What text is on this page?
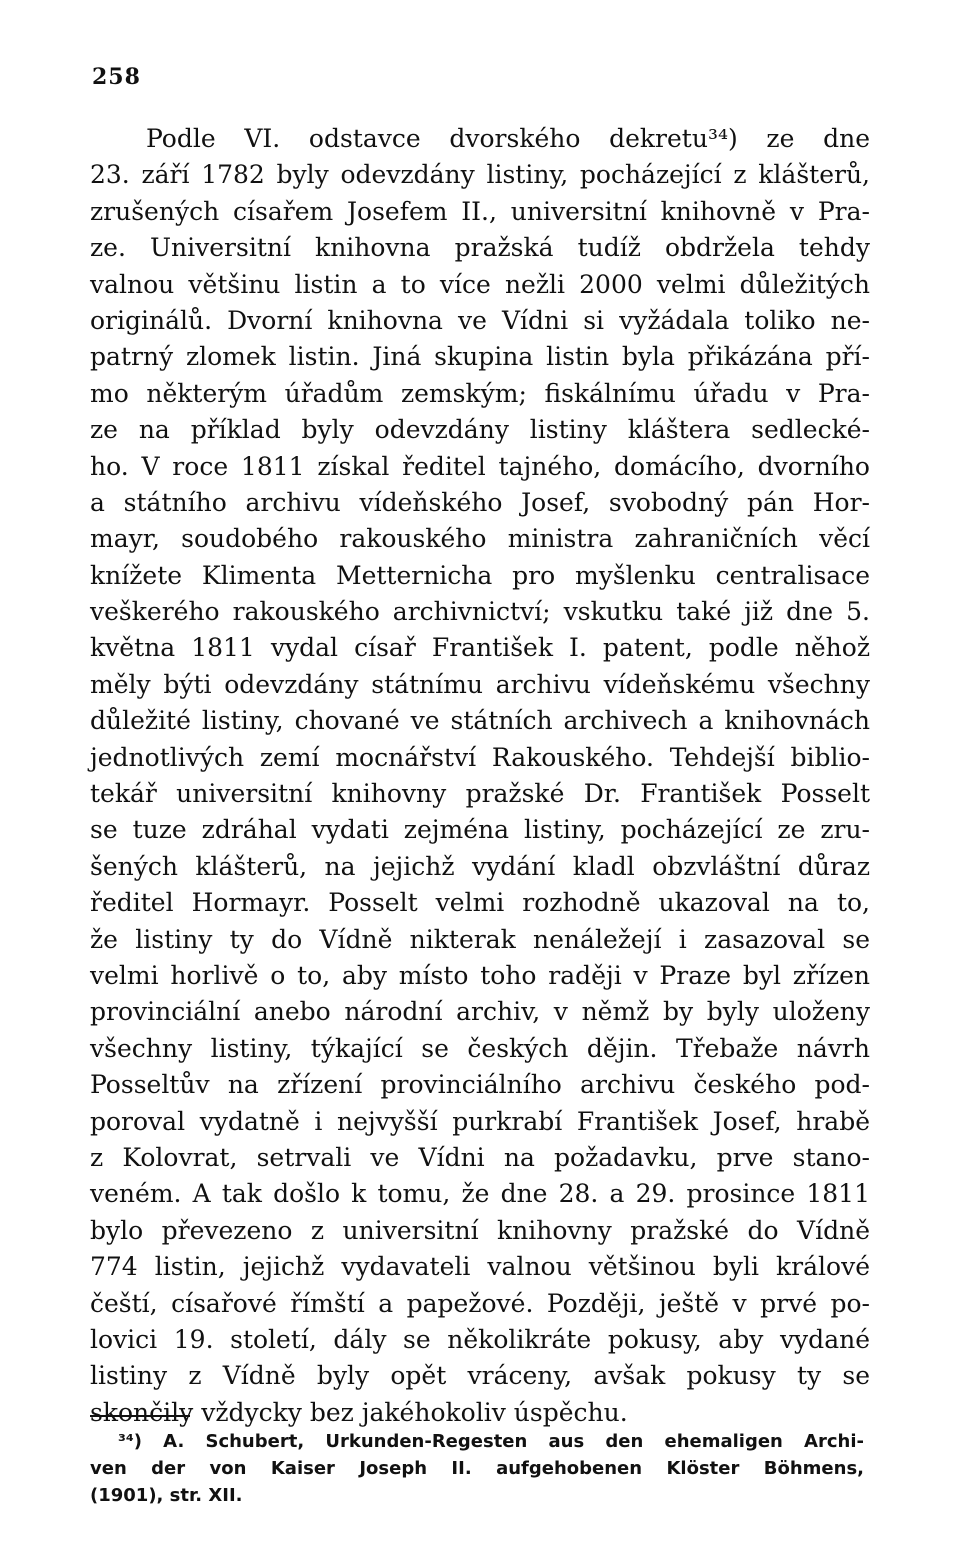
258
Podle VI. odstavce dvorského dekretu³⁴) ze dne
23. září 1782 byly odevzdány listiny, pocházející z klášterů,
zrušených císařem Josefem II., universitní knihovně v Pra-
ze. Universitní knihovna pražská tudíž obdržela tehdy
valnou většinu listin a to více nežli 2000 velmi důležitých
originálů. Dvorní knihovna ve Vídni si vyžádala toliko ne-
patrný zlomek listin. Jiná skupina listin byla přikázána pří-
mo některým úřadům zemským; fiskálnímu úřadu v Pra-
ze na příklad byly odevzdány listiny kláštera sedlecké-
ho. V roce 1811 získal ředitel tajného, domácího, dvorního
a státního archivu vídeňského Josef, svobodný pán Hor-
mayr, soudobého rakouského ministra zahraničních věcí
knížete Klimenta Metternicha pro myšlenku centralisace
veškerého rakouského archivnictví; vskutku také již dne 5.
května 1811 vydal císař František I. patent, podle něhož
měly býti odevzdány státnímu archivu vídeňskému všechny
důležité listiny, chované ve státních archivech a knihovnách
jednotlivých zemí mocnářství Rakouského. Tehdejší biblio-
tekář universitní knihovny pražské Dr. František Posselt
se tuze zdráhal vydati zejména listiny, pocházející ze zru-
šených klášterů, na jejichž vydání kladl obzvláštní důraz
ředitel Hormayr. Posselt velmi rozhodně ukazoval na to,
že listiny ty do Vídně nikterak nenáležejí i zasazoval se
velmi horlivě o to, aby místo toho raději v Praze byl zřízen
provinciální anebo národní archiv, v němž by byly uloženy
všechny listiny, týkající se českých dějin. Třebaže návrh
Posseltův na zřízení provinciálního archivu českého pod-
poroval vydatně i nejvyšší purkrabí František Josef, hrabě
z Kolovrat, setrvali ve Vídni na požadavku, prve stano-
veném. A tak došlo k tomu, že dne 28. a 29. prosince 1811
bylo převezeno z universitní knihovny pražské do Vídně
774 listin, jejichž vydavateli valnou většinou byli králové
čeští, císařové římští a papežové. Později, ještě v prvé po-
lovici 19. století, dály se několikráte pokusy, aby vydané
listiny z Vídně byly opět vráceny, avšak pokusy ty se
skončily vždycky bez jakéhokoliv úspěchu.
³⁴) A. Schubert, Urkunden-Regesten aus den ehemaligen Archi-
ven der von Kaiser Joseph II. aufgehobenen Klöster Böhmens,
(1901), str. XII.
